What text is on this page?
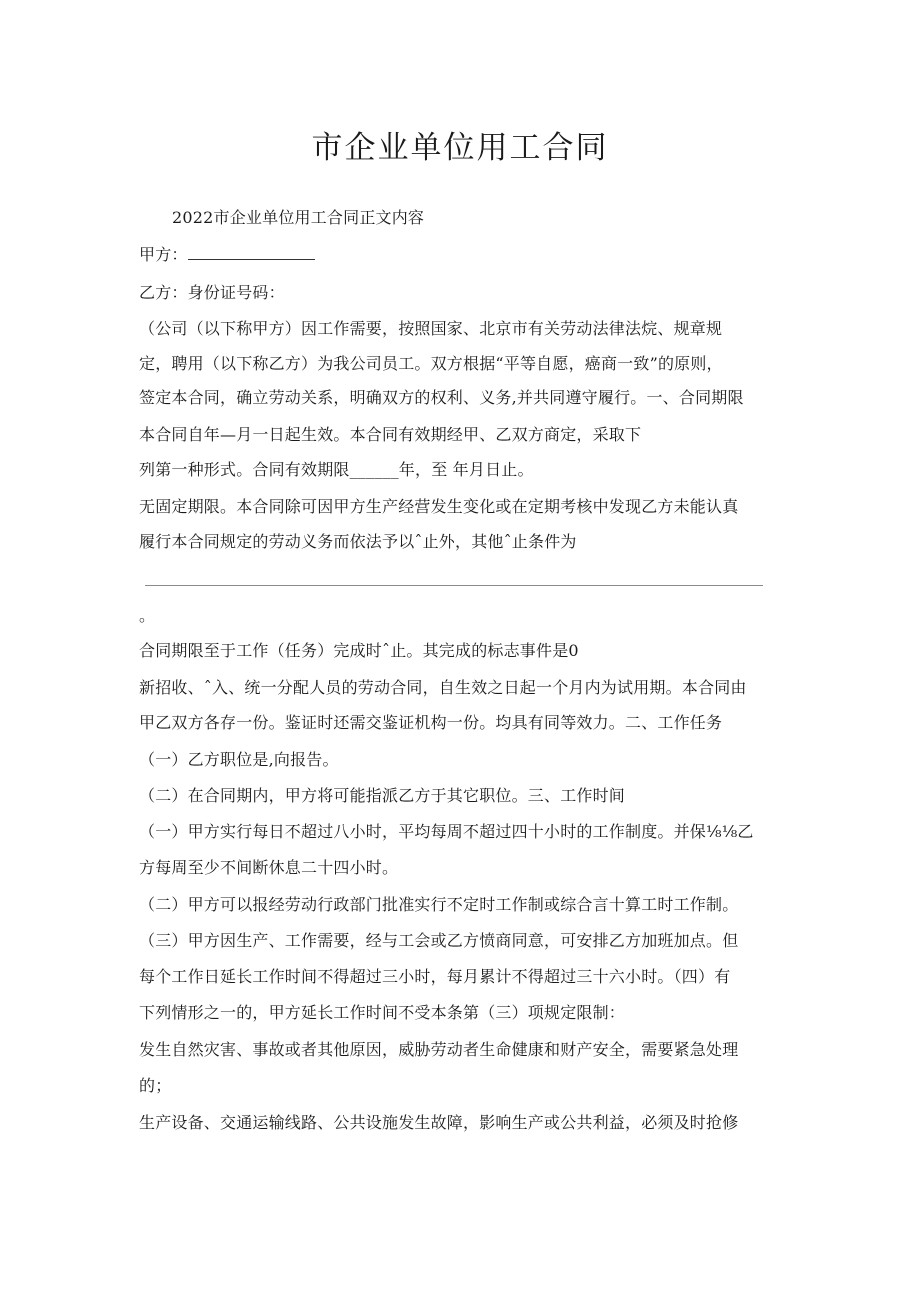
市企业单位用工合同
2022市企业单位用工合同正文内容
甲方：
乙方：身份证号码：
（公司（以下称甲方）因工作需要，按照国家、北京市有关劳动法律法烷、规章规
定，聘用（以下称乙方）为我公司员工。双方根据“平等自愿，癌商一致”的原则，
签定本合同，确立劳动关系，明确双方的权利、义务,并共同遵守履行。一、合同期限
本合同自年—月一日起生效。本合同有效期经甲、乙双方商定，采取下
列第一种形式。合同有效期限______年，至 年月日止。
无固定期限。本合同除可因甲方生产经营发生变化或在定期考核中发现乙方未能认真
履行本合同规定的劳动义务而依法予以ˆ止外，其他ˆ止条件为
。
合同期限至于工作（任务）完成时ˆ止。其完成的标志事件是0
新招收、ˆ入、统一分配人员的劳动合同，自生效之日起一个月内为试用期。本合同由
甲乙双方各存一份。鉴证时还需交鉴证机构一份。均具有同等效力。二、工作任务
（一）乙方职位是,向报告。
（二）在合同期内，甲方将可能指派乙方于其它职位。三、工作时间
（一）甲方实行每日不超过八小时，平均每周不超过四十小时的工作制度。并保⅛⅛乙
方每周至少不间断休息二十四小时。
（二）甲方可以报经劳动行政部门批准实行不定时工作制或综合言十算工时工作制。
（三）甲方因生产、工作需要，经与工会或乙方愤商同意，可安排乙方加班加点。但
每个工作日延长工作时间不得超过三小时，每月累计不得超过三十六小时。（四）有
下列情形之一的，甲方延长工作时间不受本条第（三）项规定限制：
发生自然灾害、事故或者其他原因，威胁劳动者生命健康和财产安全，需要紧急处理
的；
生产设备、交通运输线路、公共设施发生故障，影响生产或公共利益，必须及时抢修
